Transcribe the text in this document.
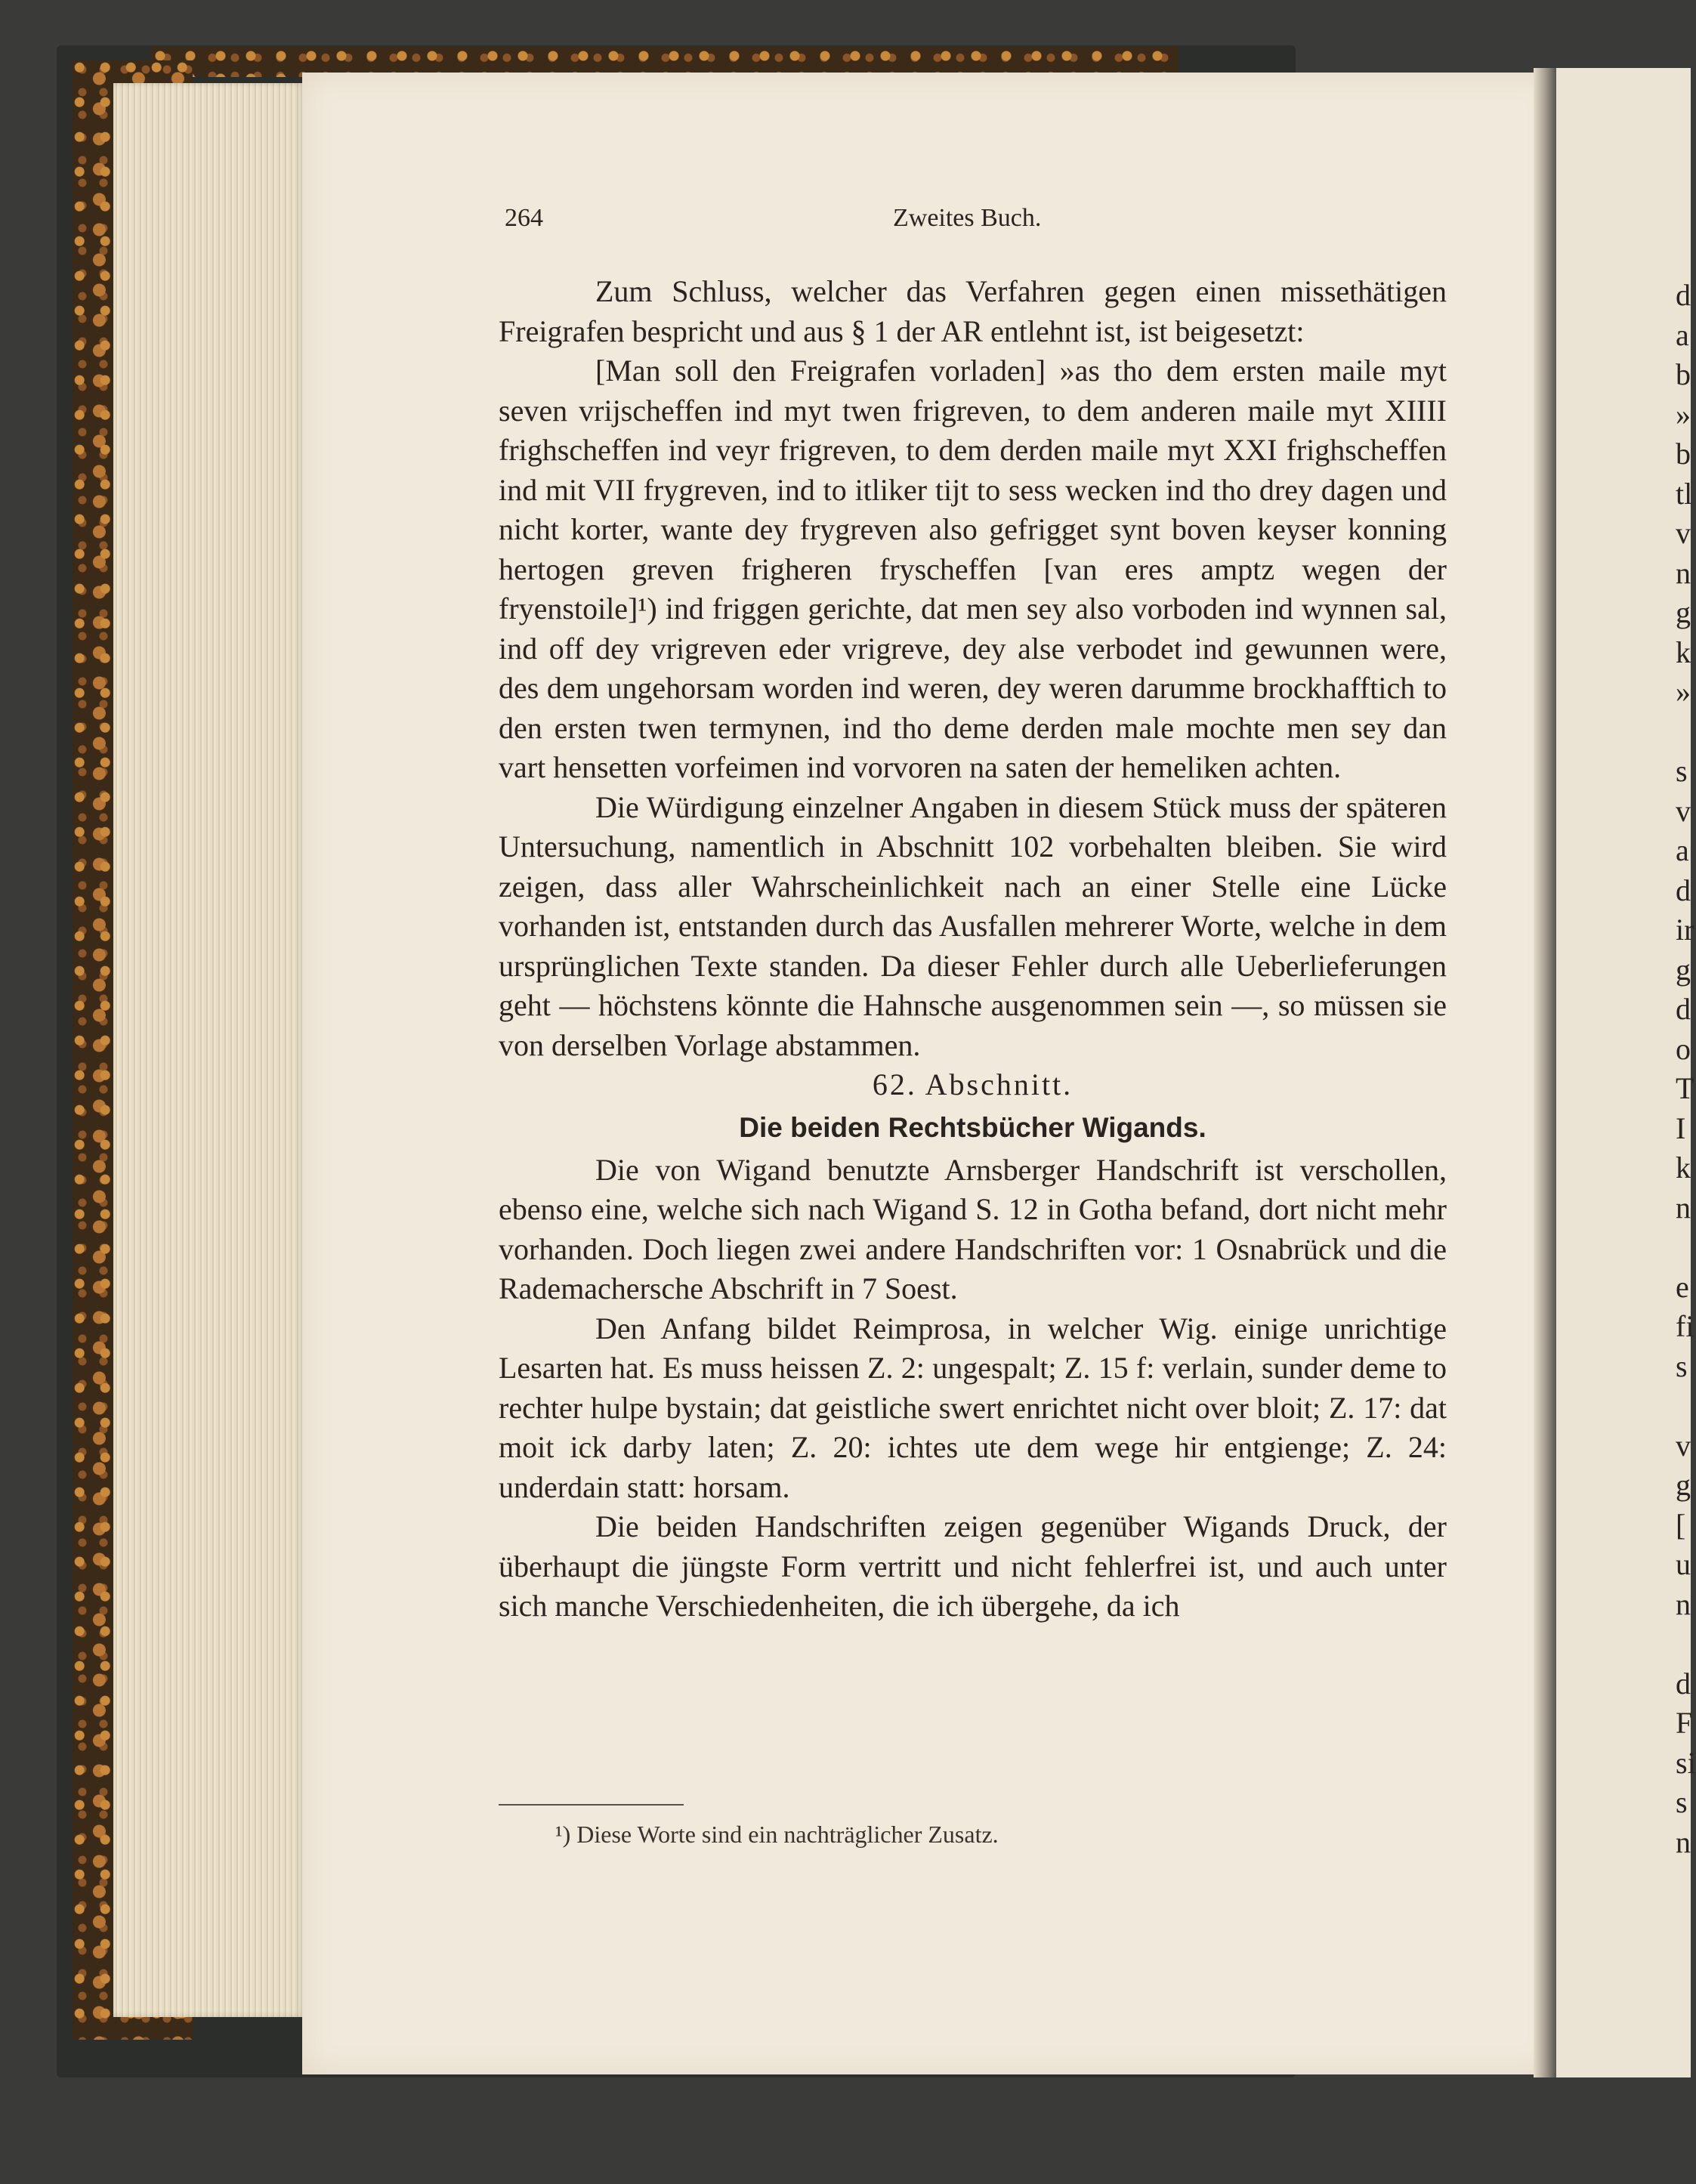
264	Zweites Buch.

Zum Schluss, welcher das Verfahren gegen einen missethätigen Freigrafen bespricht und aus § 1 der AR entlehnt ist, ist beigesetzt:

[Man soll den Freigrafen vorladen] »as tho dem ersten maile myt seven vrijscheffen ind myt twen frigreven, to dem anderen maile myt XIIII frighscheffen ind veyr frigreven, to dem derden maile myt XXI frighscheffen ind mit VII frygreven, ind to itliker tijt to sess wecken ind tho drey dagen und nicht korter, wante dey frygreven also gefrigget synt boven keyser konning hertogen greven frigheren fryscheffen [van eres amptz wegen der fryenstoile]¹) ind friggen gerichte, dat men sey also vorboden ind wynnen sal, ind off dey vrigreven eder vrigreve, dey alse verbodet ind gewunnen were, des dem ungehorsam worden ind weren, dey weren darumme brockhafftich to den ersten twen termynen, ind tho deme derden male mochte men sey dan vart hensetten vorfeimen ind vorvoren na saten der hemeliken achten.

Die Würdigung einzelner Angaben in diesem Stück muss der späteren Untersuchung, namentlich in Abschnitt 102 vorbehalten bleiben. Sie wird zeigen, dass aller Wahrscheinlichkeit nach an einer Stelle eine Lücke vorhanden ist, entstanden durch das Ausfallen mehrerer Worte, welche in dem ursprünglichen Texte standen. Da dieser Fehler durch alle Ueberlieferungen geht — höchstens könnte die Hahnsche ausgenommen sein —, so müssen sie von derselben Vorlage abstammen.

62. Abschnitt.

Die beiden Rechtsbücher Wigands.

Die von Wigand benutzte Arnsberger Handschrift ist verschollen, ebenso eine, welche sich nach Wigand S. 12 in Gotha befand, dort nicht mehr vorhanden. Doch liegen zwei andere Handschriften vor: 1 Osnabrück und die Rademachersche Abschrift in 7 Soest.

Den Anfang bildet Reimprosa, in welcher Wig. einige unrichtige Lesarten hat. Es muss heissen Z. 2: ungespalt; Z. 15 f: verlain, sunder deme to rechter hulpe bystain; dat geistliche swert enrichtet nicht over bloit; Z. 17: dat moit ick darby laten; Z. 20: ichtes ute dem wege hir entgienge; Z. 24: underdain statt: horsam.

Die beiden Handschriften zeigen gegenüber Wigands Druck, der überhaupt die jüngste Form vertritt und nicht fehlerfrei ist, und auch unter sich manche Verschiedenheiten, die ich übergehe, da ich

¹) Diese Worte sind ein nachträglicher Zusatz.
d
a
b
»
b
tl
v
n
g
k
»
s
v
a
d
ir
g
d
o
T
I
k
n
e
fi
s
v
g
[
u
n
d
F
si
s
n
